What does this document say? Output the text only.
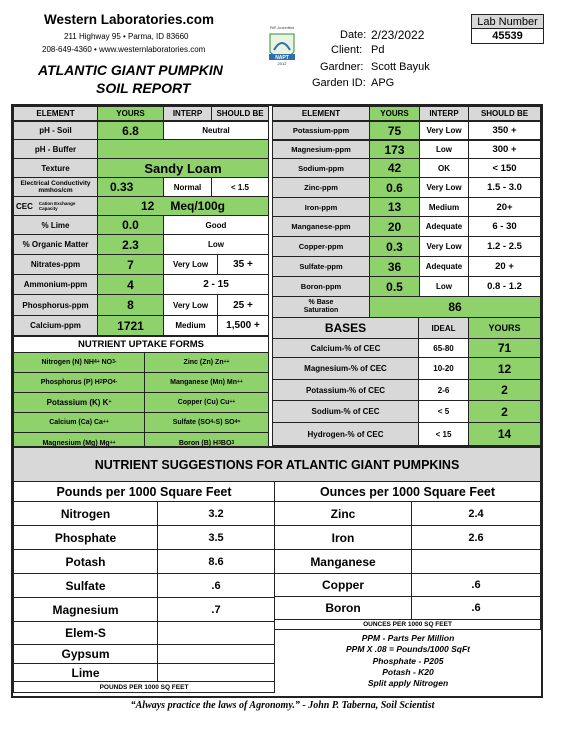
Western Laboratories.com
211 Highway 95 • Parma, ID 83660
208-649-4360 • www.westernlaboratories.com
PAP-Accredited
NAPT
2012
ATLANTIC GIANT PUMPKIN
SOIL REPORT
Date: 2/23/2022
Client: Pd
Gardner: Scott Bayuk
Garden ID: APG
Lab Number
45539
ELEMENT	YOURS	INTERP SHOULD BE
pH - Soil	6.8	Neutral
pH - Buffer
Texture	Sandy Loam
Electrical Conductivity
mmhos/cm	0.33	Normal	< 1.5
CEC Cation Exchange
Capacity	12 Meq/100g
% Lime	0.0	Good
% Organic Matter	2.3	Low
Nitrates-ppm	7	Very Low	35 +
Ammonium-ppm	4	2 - 15
Phosphorus-ppm	8	Very Low	25 +
Calcium-ppm	1721	Medium 1,500 +
NUTRIENT UPTAKE FORMS
Nitrogen (N) NH 4 + NO 3 -	Zinc (Zn) Zn ++
Phosphorus (P) H 2 PO 4 -	Manganese (Mn) Mn ++
Potassium (K) K +	Copper (Cu) Cu ++
Calcium (Ca) Ca ++	Sulfate (SO 4 -S) SO 4 =
Magnesium (Mg) Mg ++	Boron (B) H 3 BO 3
ELEMENT	YOURS	INTERP	SHOULD BE
Potassium-ppm	75	Very Low	350 +
Magnesium-ppm	173	Low	300 +
Sodium-ppm	42	OK	< 150
Zinc-ppm	0.6	Very Low	1.5 - 3.0
Iron-ppm	13	Medium	20+
Manganese-ppm	20	Adequate	6 - 30
Copper-ppm	0.3	Very Low	1.2 - 2.5
Sulfate-ppm	36	Adequate	20 +
Boron-ppm	0.5	Low	0.8 - 1.2
% Base
Saturation	86
BASES	IDEAL	YOURS
Calcium-% of CEC	65-80	71
Magnesium-% of CEC	10-20	12
Potassium-% of CEC	2-6	2
Sodium-% of CEC	< 5	2
Hydrogen-% of CEC	< 15	14
NUTRIENT SUGGESTIONS FOR ATLANTIC GIANT PUMPKINS
Pounds per 1000 Square Feet	Ounces per 1000 Square Feet
Nitrogen	3.2
Phosphate	3.5
Potash	8.6
Sulfate	.6
Magnesium	.7
Elem-S
Gypsum
Lime
Zinc	2.4
Iron	2.6
Manganese
Copper	.6
Boron	.6
POUNDS PER 1000 SQ FEET
OUNCES PER 1000 SQ FEET
PPM - Parts Per Million
PPM X .08 = Pounds/1000 SqFt
Phosphate - P205
Potash - K20
Split apply Nitrogen
“Always practice the laws of Agronomy.” - John P. Taberna, Soil Scientist
